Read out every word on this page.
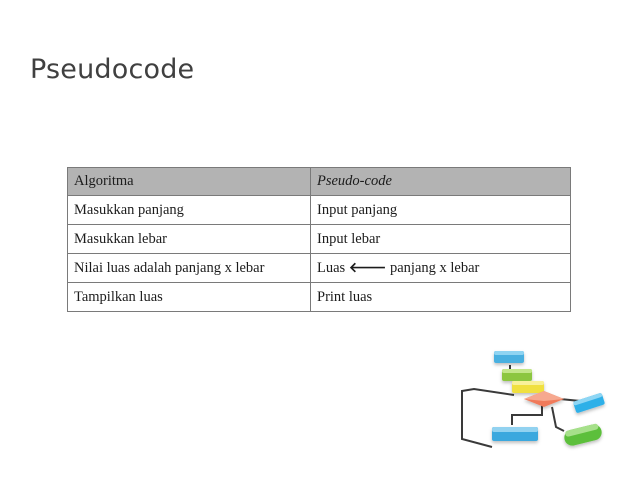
Pseudocode
Algoritma	Pseudo-code
Masukkan panjang	Input panjang
Masukkan lebar	Input lebar
Nilai luas adalah panjang x lebar	Luas 🡐 panjang x lebar
Tampilkan luas	Print luas
